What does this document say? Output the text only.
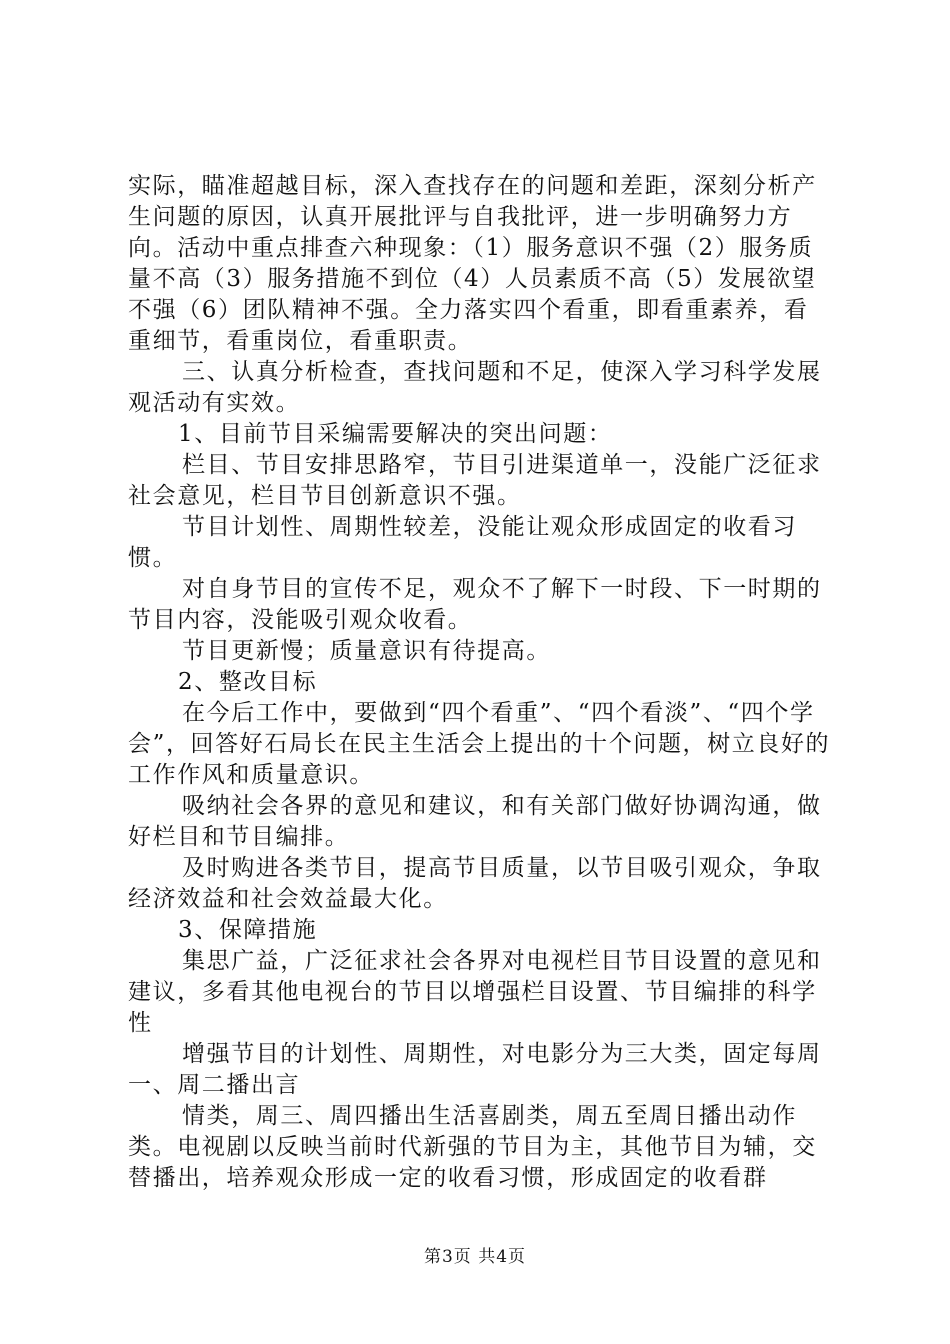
实际，瞄准超越目标，深入查找存在的问题和差距，深刻分析产生问题的原因，认真开展批评与自我批评，进一步明确努力方向。活动中重点排查六种现象：（1）服务意识不强（2）服务质量不高（3）服务措施不到位（4）人员素质不高（5）发展欲望不强（6）团队精神不强。全力落实四个看重，即看重素养，看重细节，看重岗位，看重职责。

三、认真分析检查，查找问题和不足，使深入学习科学发展观活动有实效。

1、目前节目采编需要解决的突出问题：

栏目、节目安排思路窄，节目引进渠道单一，没能广泛征求社会意见，栏目节目创新意识不强。

节目计划性、周期性较差，没能让观众形成固定的收看习惯。

对自身节目的宣传不足，观众不了解下一时段、下一时期的节目内容，没能吸引观众收看。

节目更新慢；质量意识有待提高。

2、整改目标

在今后工作中，要做到“四个看重”、“四个看淡”、“四个学会”，回答好石局长在民主生活会上提出的十个问题，树立良好的工作作风和质量意识。

吸纳社会各界的意见和建议，和有关部门做好协调沟通，做好栏目和节目编排。

及时购进各类节目，提高节目质量，以节目吸引观众，争取经济效益和社会效益最大化。

3、保障措施

集思广益，广泛征求社会各界对电视栏目节目设置的意见和建议，多看其他电视台的节目以增强栏目设置、节目编排的科学性

增强节目的计划性、周期性，对电影分为三大类，固定每周一、周二播出言

情类，周三、周四播出生活喜剧类，周五至周日播出动作类。电视剧以反映当前时代新强的节目为主，其他节目为辅，交替播出，培养观众形成一定的收看习惯，形成固定的收看群

第3页 共4页
